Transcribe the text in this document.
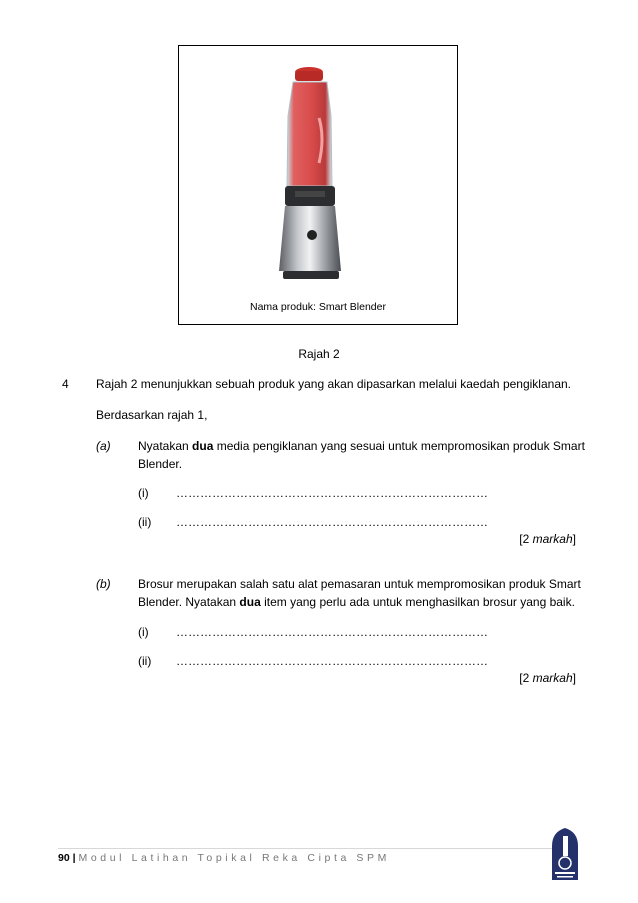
Nama produk: Smart Blender
Rajah 2
4 Rajah 2 menunjukkan sebuah produk yang akan dipasarkan melalui kaedah pengiklanan.
Berdasarkan rajah 1,
(a) Nyatakan dua media pengiklanan yang sesuai untuk mempromosikan produk Smart
Blender.
(i) ……………………………………………………………………
(ii) ……………………………………………………………………
[2 markah]
(b) Brosur merupakan salah satu alat pemasaran untuk mempromosikan produk Smart
Blender. Nyatakan dua item yang perlu ada untuk menghasilkan brosur yang baik.
(i) ……………………………………………………………………
(ii) ……………………………………………………………………
[2 markah]
90 | Modul Latihan Topikal Reka Cipta SPM
